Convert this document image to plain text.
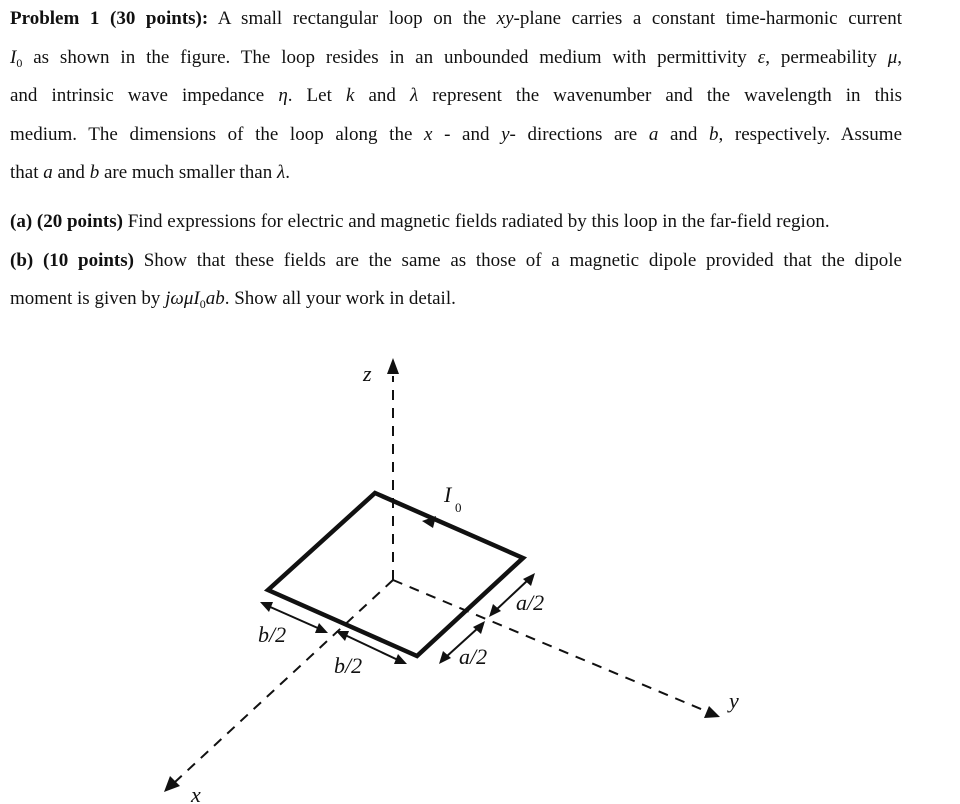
Problem 1 (30 points): A small rectangular loop on the xy-plane carries a constant time-harmonic current
$I_0$ as shown in the figure. The loop resides in an unbounded medium with permittivity ε, permeability μ,
and intrinsic wave impedance η. Let k and λ represent the wavenumber and the wavelength in this
medium. The dimensions of the loop along the x - and y- directions are a and b, respectively. Assume
that a and b are much smaller than λ.
(a) (20 points) Find expressions for electric and magnetic fields radiated by this loop in the far-field region.
(b) (10 points) Show that these fields are the same as those of a magnetic dipole provided that the dipole
moment is given by jωμI$_0$ab. Show all your work in detail.
z
y
x
I
0
a/2
a/2
b/2
b/2
